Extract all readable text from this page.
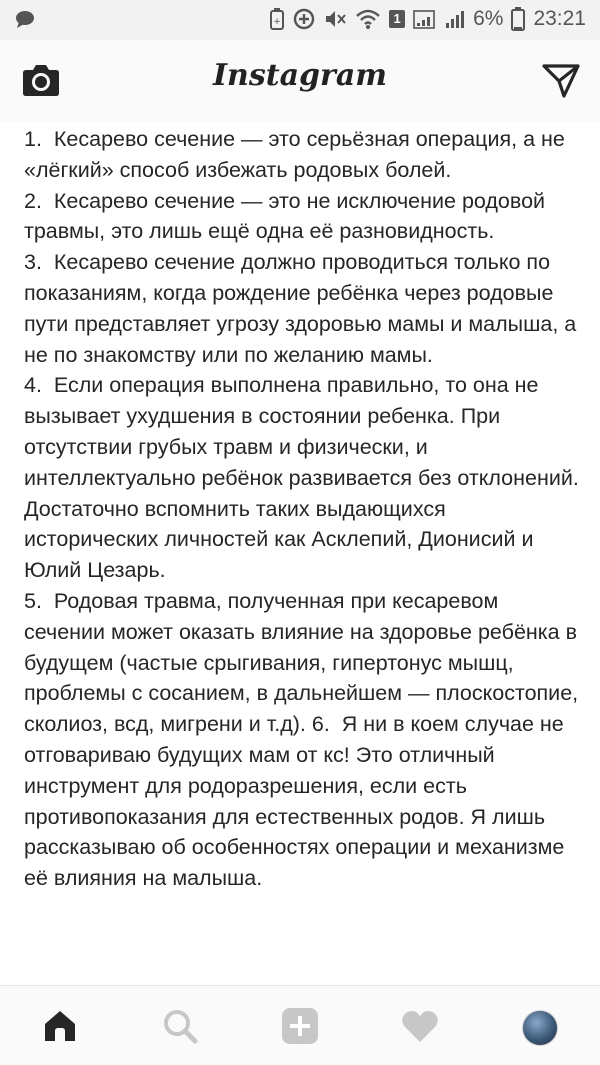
+	1	6% 23:21
Instagram
1.  Кесарево сечение — это серьёзная операция, а не «лёгкий» способ избежать родовых болей.
2.  Кесарево сечение — это не исключение родовой травмы, это лишь ещё одна её разновидность.
3.  Кесарево сечение должно проводиться только по показаниям, когда рождение ребёнка через родовые пути представляет угрозу здоровью мамы и малыша, а не по знакомству или по желанию мамы.
4.  Если операция выполнена правильно, то она не вызывает ухудшения в состоянии ребенка. При отсутствии грубых травм и физически, и интеллектуально ребёнок развивается без отклонений. Достаточно вспомнить таких выдающихся исторических личностей как Асклепий, Дионисий и Юлий Цезарь.
5.  Родовая травма, полученная при кесаревом сечении может оказать влияние на здоровье ребёнка в будущем (частые срыгивания, гипертонус мышц, проблемы с сосанием, в дальнейшем — плоскостопие, сколиоз, всд, мигрени и т.д). 6.  Я ни в коем случае не отговариваю будущих мам от кс! Это отличный инструмент для родоразрешения, если есть противопоказания для естественных родов. Я лишь рассказываю об особенностях операции и механизме её влияния на малыша.
